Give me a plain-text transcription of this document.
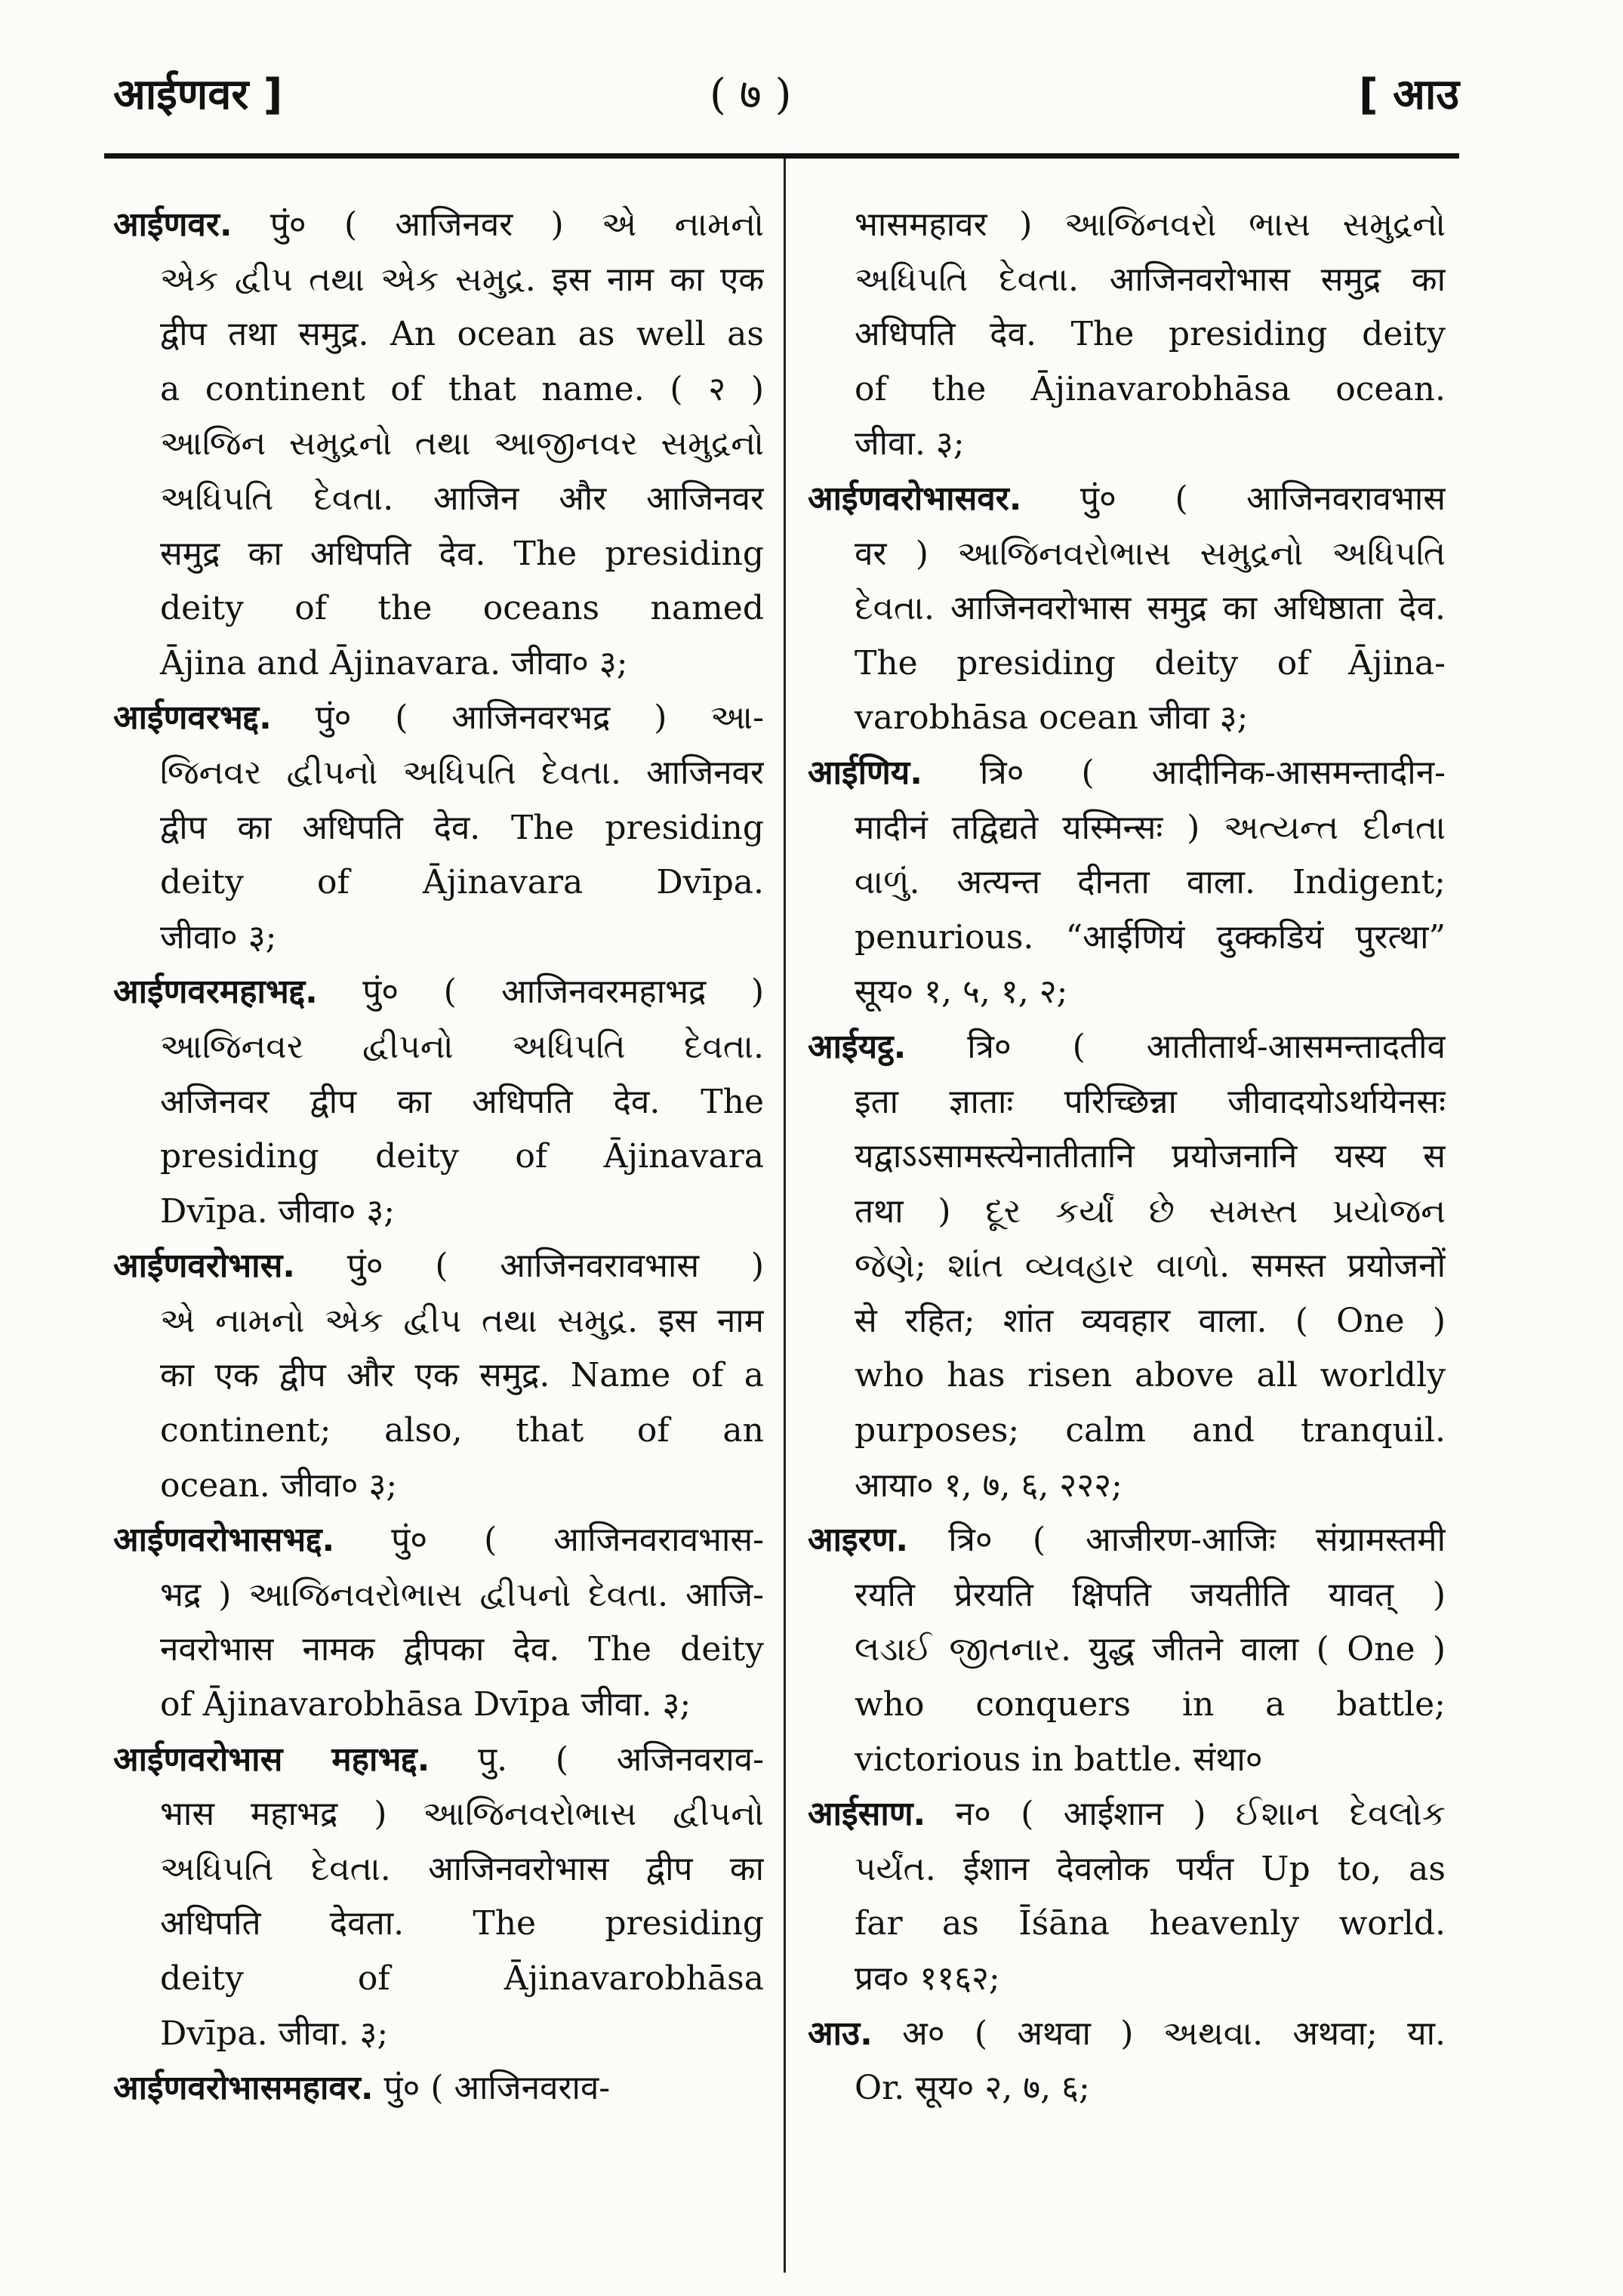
आईणवर ]	( ७ )	[ आउ
आईणवर. पुं० ( आजिनवर ) એ નામનો
એક દ્વીપ તથા એક સમુદ્ર. इस नाम का एक
द्वीप तथा समुद्र. An ocean as well as
a continent of that name. ( २ )
આજિન સમુદ્રનો તથા આજીનવર સમુદ્રનો
અધિપતિ દેવતા. आजिन और आजिनवर
समुद्र का अधिपति देव. The presiding
deity of the oceans named
Ājina and Ājinavara. जीवा० ३;
आईणवरभद्द. पुं० ( आजिनवरभद्र ) આ-
જિનવર દ્વીપનો અધિપતિ દેવતા. आजिनवर
द्वीप का अधिपति देव. The presiding
deity of Ājinavara Dvīpa.
जीवा० ३;
आईणवरमहाभद्द. पुं० ( आजिनवरमहाभद्र )
આજિનવર દ્વીપનો અધિપતિ દેવતા.
अजिनवर द्वीप का अधिपति देव. The
presiding deity of Ājinavara
Dvīpa. जीवा० ३;
आईणवरोभास. पुं० ( आजिनवरावभास )
એ નામનો એક દ્વીપ તથા સમુદ્ર. इस नाम
का एक द्वीप और एक समुद्र. Name of a
continent; also, that of an
ocean. जीवा० ३;
आईणवरोभासभद्द. पुं० ( आजिनवरावभास-
भद्र ) આજિનવરોભાસ દ્વીપનો દેવતા. आजि-
नवरोभास नामक द्वीपका देव. The deity
of Ājinavarobhāsa Dvīpa जीवा. ३;
आईणवरोभास महाभद्द. पु. ( अजिनवराव-
भास महाभद्र ) આજિનવરોભાસ દ્વીપનો
અધિપતિ દેવતા. आजिनवरोभास द्वीप का
अधिपति देवता. The presiding
deity of Ājinavarobhāsa
Dvīpa. जीवा. ३;
आईणवरोभासमहावर. पुं० ( आजिनवराव-
भासमहावर ) આજિનવરો ભાસ સમુદ્રનો
અધિપતિ દેવતા. आजिनवरोभास समुद्र का
अधिपति देव. The presiding deity
of the Ājinavarobhāsa ocean.
जीवा. ३;
आईणवरोभासवर. पुं० ( आजिनवरावभास
वर ) આજિનવરોભાસ સમુદ્રનો અધિપતિ
દેવતા. आजिनवरोभास समुद्र का अधिष्ठाता देव.
The presiding deity of Ājina-
varobhāsa ocean जीवा ३;
आईणिय. त्रि० ( आदीनिक-आसमन्तादीन-
मादीनं तद्विद्यते यस्मिन्सः ) અત્યન્ત દીનતા
વાળું. अत्यन्त दीनता वाला. Indigent;
penurious. “आईणियं दुक्कडियं पुरत्था”
सूय० १, ५, १, २;
आईयट्ठ. त्रि० ( आतीतार्थ-आसमन्तादतीव
इता ज्ञाताः परिच्छिन्ना जीवादयोऽर्थायेनसः
यद्वाऽऽसामस्त्येनातीतानि प्रयोजनानि यस्य स
तथा ) દૂર કર્યાં છે સમસ્ત પ્રયોજન
જેણે; શાંત વ્યવહાર વાળો. समस्त प्रयोजनों
से रहित; शांत व्यवहार वाला. ( One )
who has risen above all worldly
purposes; calm and tranquil.
आया० १, ७, ६, २२२;
आइरण. त्रि० ( आजीरण-आजिः संग्रामस्तमी
रयति प्रेरयति क्षिपति जयतीति यावत् )
લડાઈ જીતનાર. युद्ध जीतने वाला ( One )
who conquers in a battle;
victorious in battle. संथा०
आईसाण. न० ( आईशान ) ઈશાન દેવલોક
પર્યંત. ईशान देवलोक पर्यंत Up to, as
far as Īśāna heavenly world.
प्रव० ११६२;
आउ. अ० ( अथवा ) અથવા. अथवा; या.
Or. सूय० २, ७, ६;
